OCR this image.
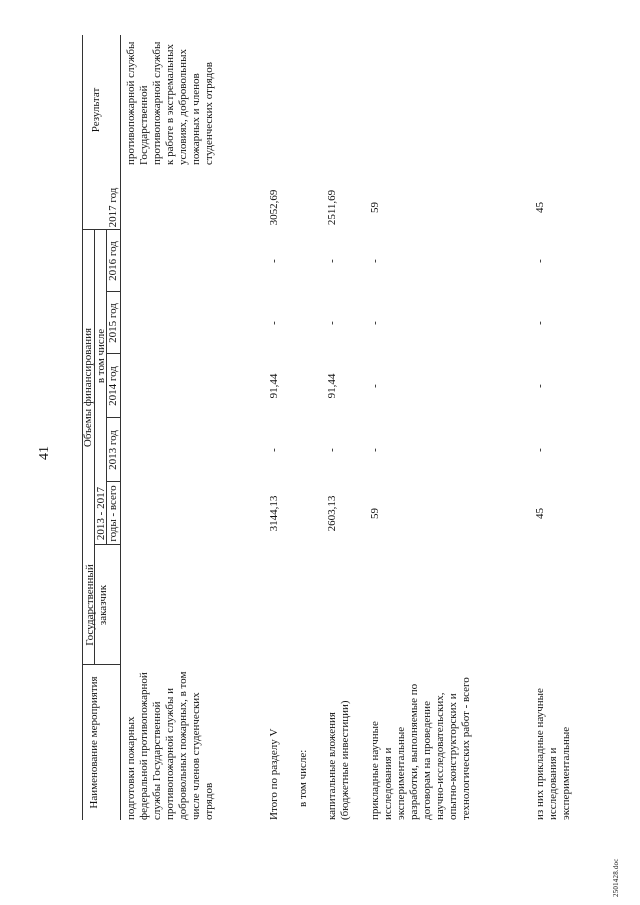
41
Наименование мероприятия
Государственный заказчик
Объемы финансирования
2013 - 2017 годы - всего
в том числе
2013 год
2014 год
2015 год
2016 год
2017 год
Результат
подготовки пожарных федеральной противопожарной службы Государственной противопожарной службы и добровольных пожарных, в том числе членов студенческих отрядов
противопожарной службы Государственной противопожарной службы к работе в экстремальных условиях, добровольных пожарных и членов студенческих отрядов
Итого по разделу V
3144,13
-
91,44
-
-
3052,69
в том числе: капитальные вложения (бюджетные инвестиции)
2603,13
-
91,44
-
-
2511,69
прикладные научные исследования и экспериментальные разработки, выполняемые по договорам на проведение научно-исследовательских, опытно-конструкторских и технологических работ - всего
59
-
-
-
-
59
из них прикладные научные исследования и экспериментальные
45
-
-
-
-
45
2501428.doc
